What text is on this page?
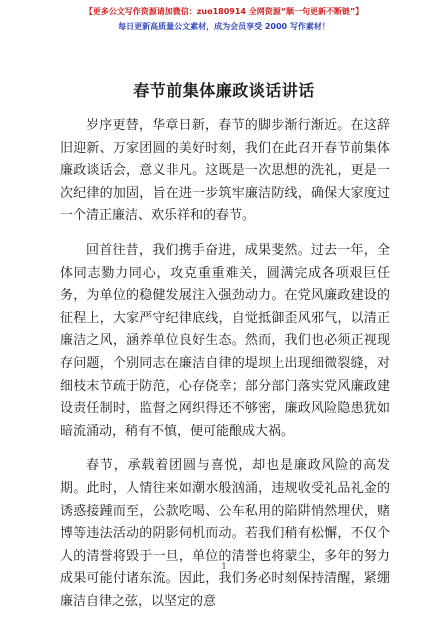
【更多公文写作资源请加微信：zuo180914 全网资源“顺一句更新不断链”】
每日更新高质量公文素材，成为会员享受 2000 写作素材！
春节前集体廉政谈话讲话

岁序更替，华章日新，春节的脚步渐行渐近。在这辞旧迎新、万家团圆的美好时刻，我们在此召开春节前集体廉政谈话会，意义非凡。这既是一次思想的洗礼，更是一次纪律的加固，旨在进一步筑牢廉洁防线，确保大家度过一个清正廉洁、欢乐祥和的春节。

回首往昔，我们携手奋进，成果斐然。过去一年，全体同志勠力同心，攻克重重难关，圆满完成各项艰巨任务，为单位的稳健发展注入强劲动力。在党风廉政建设的征程上，大家严守纪律底线，自觉抵御歪风邪气，以清正廉洁之风，涵养单位良好生态。然而，我们也必须正视现存问题，个别同志在廉洁自律的堤坝上出现细微裂缝，对细枝末节疏于防范，心存侥幸；部分部门落实党风廉政建设责任制时，监督之网织得还不够密，廉政风险隐患犹如暗流涌动，稍有不慎，便可能酿成大祸。

春节，承载着团圆与喜悦，却也是廉政风险的高发期。此时，人情往来如潮水般汹涌，违规收受礼品礼金的诱惑接踵而至，公款吃喝、公车私用的陷阱悄然埋伏，赌博等违法活动的阴影伺机而动。若我们稍有松懈，不仅个人的清誉将毁于一旦，单位的清誉也将蒙尘，多年的努力成果可能付诸东流。因此，我们务必时刻保持清醒，紧绷廉洁自律之弦，以坚定的意

1
